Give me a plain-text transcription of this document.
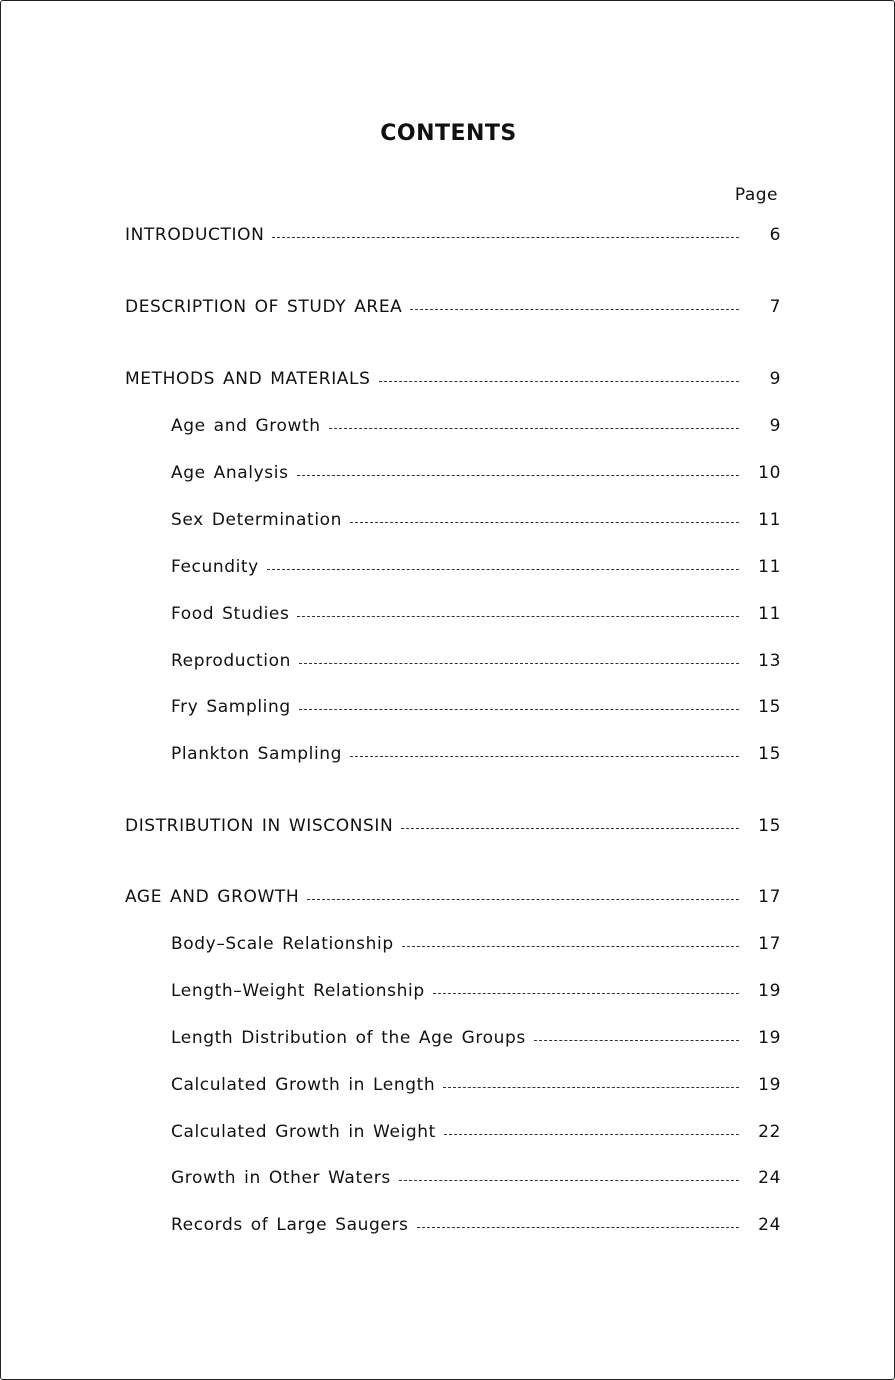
CONTENTS
Page
INTRODUCTION	6
DESCRIPTION OF STUDY AREA	7
METHODS AND MATERIALS	9
Age and Growth	9
Age Analysis	10
Sex Determination	11
Fecundity	11
Food Studies	11
Reproduction	13
Fry Sampling	15
Plankton Sampling	15
DISTRIBUTION IN WISCONSIN	15
AGE AND GROWTH	17
Body–Scale Relationship	17
Length–Weight Relationship	19
Length Distribution of the Age Groups	19
Calculated Growth in Length	19
Calculated Growth in Weight	22
Growth in Other Waters	24
Records of Large Saugers	24
